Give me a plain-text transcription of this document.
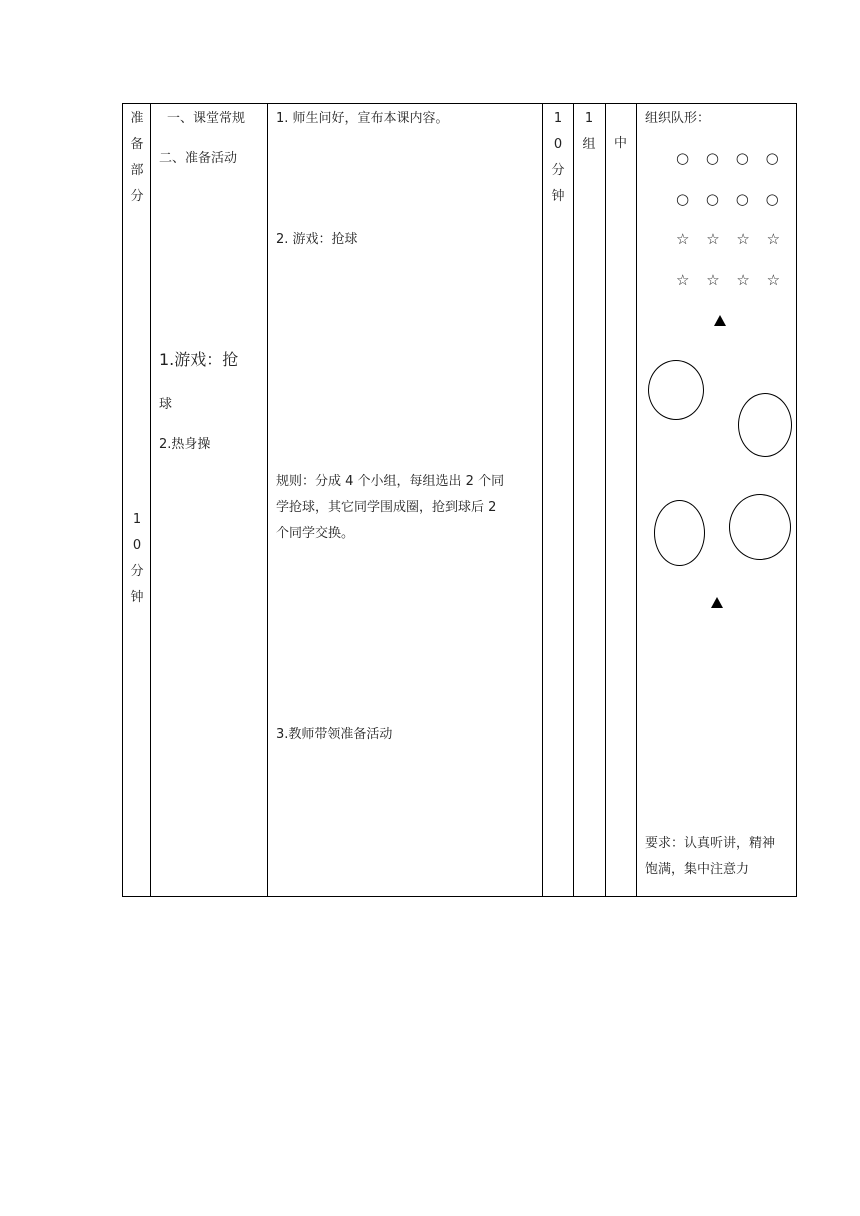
准
备
部
分
1
0
分
钟
一、课堂常规
二、准备活动
1.游戏：抢
球
2.热身操
1. 师生问好，宣布本课内容。
2. 游戏：抢球
规则：分成 4 个小组，每组选出 2 个同
学抢球，其它同学围成圈，抢到球后 2
个同学交换。
3.教师带领准备活动
1
0
分
钟
1
组 中
组织队形：
○ ○ ○ ○
○ ○ ○ ○
☆ ☆ ☆ ☆
☆ ☆ ☆ ☆
要求：认真听讲，精神
饱满，集中注意力
